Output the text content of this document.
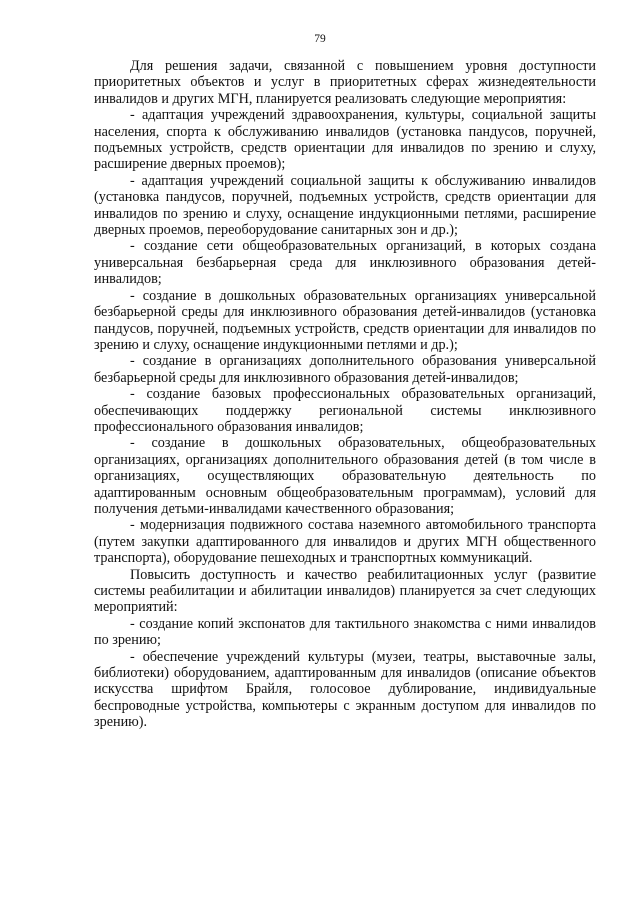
79

Для решения задачи, связанной с повышением уровня доступности приоритетных объектов и услуг в приоритетных сферах жизнедеятельности инвалидов и других МГН, планируется реализовать следующие мероприятия:

- адаптация учреждений здравоохранения, культуры, социальной защиты населения, спорта к обслуживанию инвалидов (установка пандусов, поручней, подъемных устройств, средств ориентации для инвалидов по зрению и слуху, расширение дверных проемов);

- адаптация учреждений социальной защиты к обслуживанию инвалидов (установка пандусов, поручней, подъемных устройств, средств ориентации для инвалидов по зрению и слуху, оснащение индукционными петлями, расширение дверных проемов, переоборудование санитарных зон и др.);

- создание сети общеобразовательных организаций, в которых создана универсальная безбарьерная среда для инклюзивного образования детей-инвалидов;

- создание в дошкольных образовательных организациях универсальной безбарьерной среды для инклюзивного образования детей-инвалидов (установка пандусов, поручней, подъемных устройств, средств ориентации для инвалидов по зрению и слуху, оснащение индукционными петлями и др.);

- создание в организациях дополнительного образования универсальной безбарьерной среды для инклюзивного образования детей-инвалидов;

- создание базовых профессиональных образовательных организаций, обеспечивающих поддержку региональной системы инклюзивного профессионального образования инвалидов;

- создание в дошкольных образовательных, общеобразовательных организациях, организациях дополнительного образования детей (в том числе в организациях, осуществляющих образовательную деятельность по адаптированным основным общеобразовательным программам), условий для получения детьми-инвалидами качественного образования;

- модернизация подвижного состава наземного автомобильного транспорта (путем закупки адаптированного для инвалидов и других МГН общественного транспорта), оборудование пешеходных и транспортных коммуникаций.

Повысить доступность и качество реабилитационных услуг (развитие системы реабилитации и абилитации инвалидов) планируется за счет следующих мероприятий:

- создание копий экспонатов для тактильного знакомства с ними инвалидов по зрению;

- обеспечение учреждений культуры (музеи, театры, выставочные залы, библиотеки) оборудованием, адаптированным для инвалидов (описание объектов искусства шрифтом Брайля, голосовое дублирование, индивидуальные беспроводные устройства, компьютеры с экранным доступом для инвалидов по зрению).
